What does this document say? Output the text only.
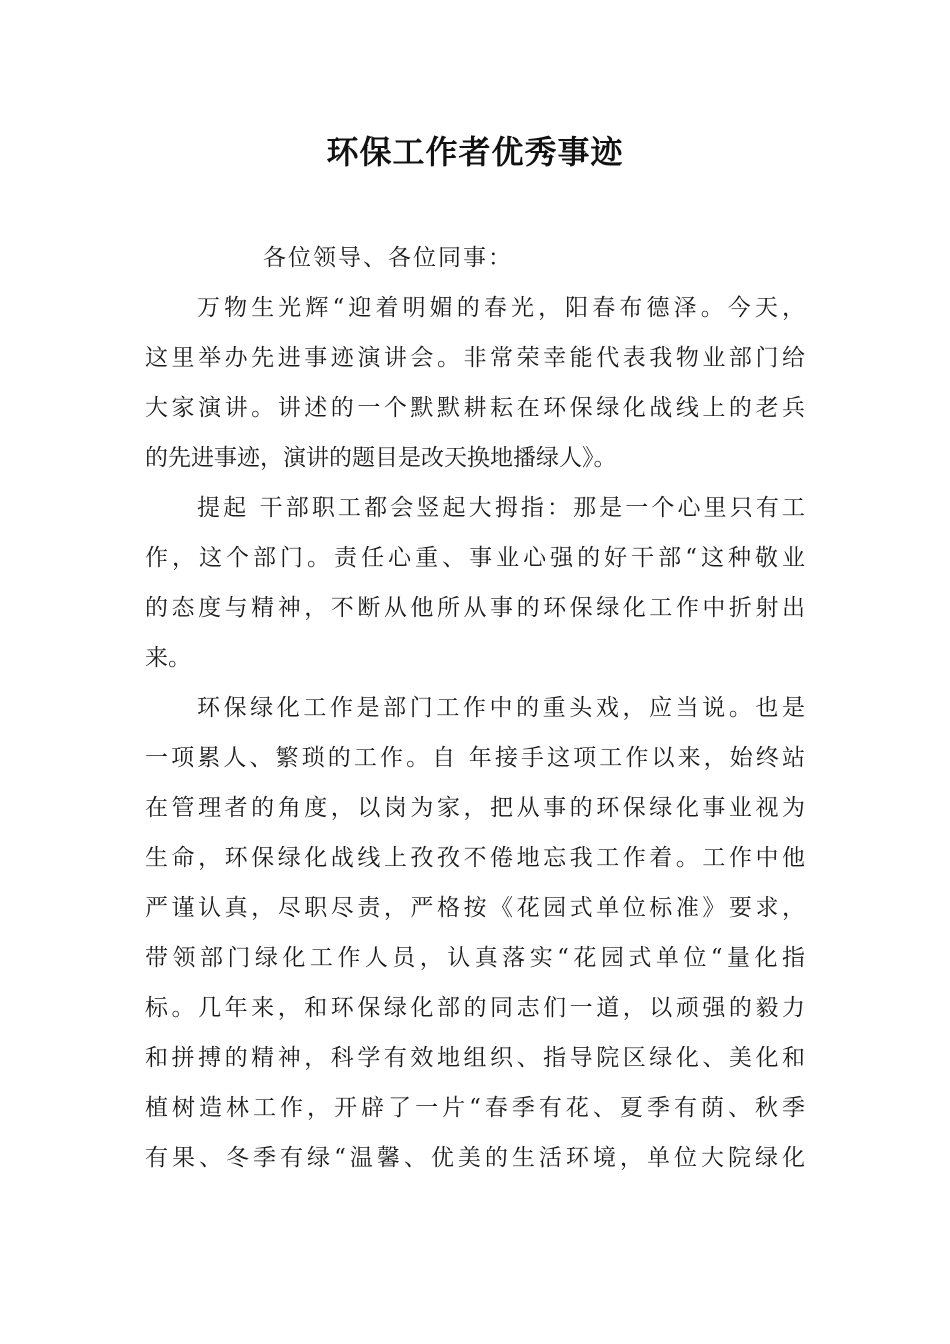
环保工作者优秀事迹

各位领导、各位同事：

万物生光辉“迎着明媚的春光，阳春布德泽。今天，
这里举办先进事迹演讲会。非常荣幸能代表我物业部门给
大家演讲。讲述的一个默默耕耘在环保绿化战线上的老兵
的先进事迹，演讲的题目是改天换地播绿人》。
提起 干部职工都会竖起大拇指：那是一个心里只有工
作，这个部门。责任心重、事业心强的好干部“这种敬业
的态度与精神，不断从他所从事的环保绿化工作中折射出
来。
环保绿化工作是部门工作中的重头戏，应当说。也是
一项累人、繁琐的工作。自 年接手这项工作以来，始终站
在管理者的角度，以岗为家，把从事的环保绿化事业视为
生命，环保绿化战线上孜孜不倦地忘我工作着。工作中他
严谨认真，尽职尽责，严格按《花园式单位标准》要求，
带领部门绿化工作人员，认真落实“花园式单位“量化指
标。几年来，和环保绿化部的同志们一道，以顽强的毅力
和拼搏的精神，科学有效地组织、指导院区绿化、美化和
植树造林工作，开辟了一片“春季有花、夏季有荫、秋季
有果、冬季有绿“温馨、优美的生活环境，单位大院绿化
